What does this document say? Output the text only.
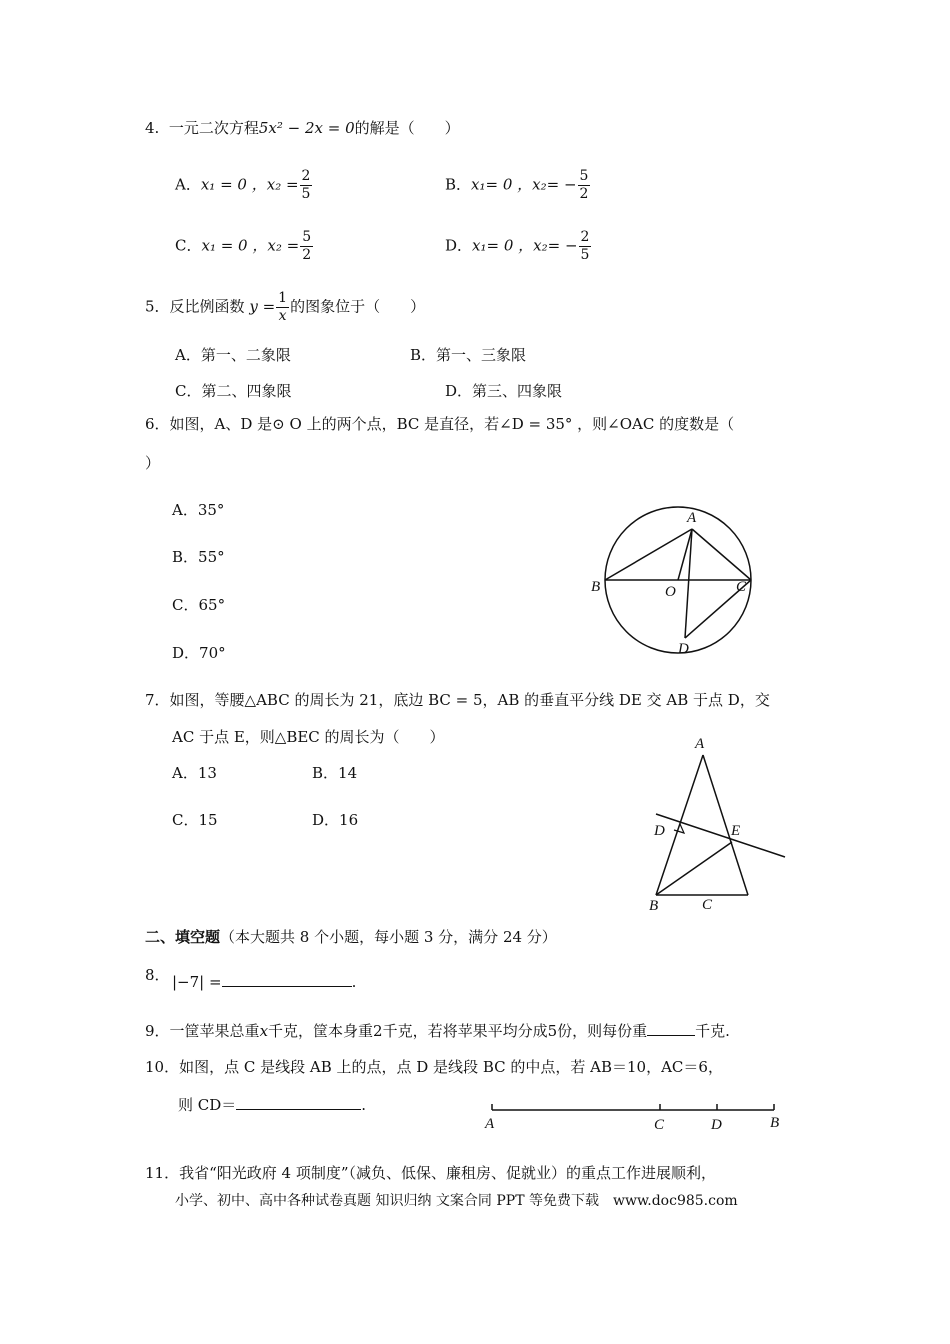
4. 一元二次方程5x² − 2x = 0的解是（　　）
A．x₁ = 0 ，$x_2 = \frac{2}{5}$	B．x₁= 0 ，$x_2= - \frac{5}{2}$
C．x₁ = 0 ，$x_2 = \frac{5}{2}$	D．x₁= 0 ，$x_2= - \frac{2}{5}$
5．反比例函数 $y = \frac{1}{x}$ 的图象位于（　　）
A．第一、二象限	B．第一、三象限
C．第二、四象限	D．第三、四象限
6．如图，A、D 是⊙ O 上的两个点，BC 是直径，若∠D = 35° ，则∠OAC 的度数是（
）
A．35°
B．55°
C．65°
D．70°
A
B	C
D
O
7．如图，等腰△ABC 的周长为 21，底边 BC = 5，AB 的垂直平分线 DE 交 AB 于点 D，交
AC 于点 E，则△BEC 的周长为（　　）
A．13	B．14
C．15	D．16
A
D	E
B	C
二、填空题（本大题共 8 个小题，每小题 3 分，满分 24 分）
8． |−7| =	.
9．一筐苹果总重x千克，筐本身重2千克，若将苹果平均分成5份，则每份重	千克.
10．如图，点 C 是线段 AB 上的点，点 D 是线段 BC 的中点，若 AB＝10，AC＝6，
则 CD＝	.
A	C	D	B
11．我省“阳光政府 4 项制度”（减负、低保、廉租房、促就业）的重点工作进展顺利，
小学、初中、高中各种试卷真题 知识归纳 文案合同 PPT 等免费下载　www.doc985.com
